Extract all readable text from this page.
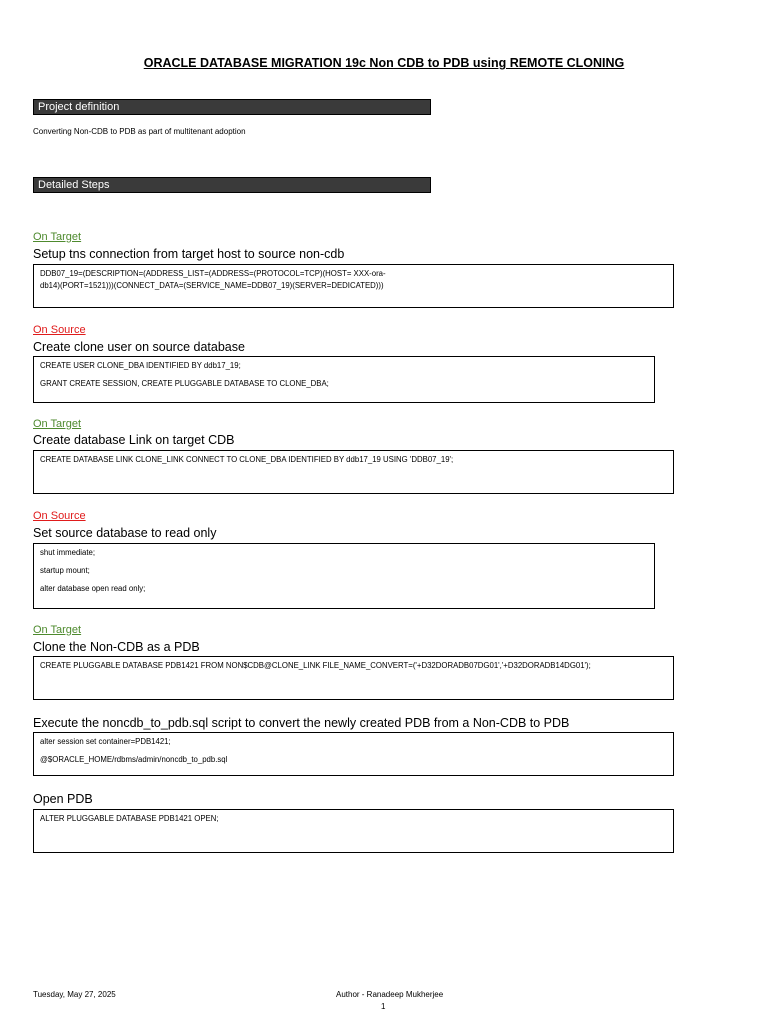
ORACLE DATABASE MIGRATION 19c Non CDB to PDB using REMOTE CLONING
Project definition
Converting Non-CDB to PDB as part of multitenant adoption
Detailed Steps
On Target
Setup tns connection from target host to source non-cdb
DDB07_19=(DESCRIPTION=(ADDRESS_LIST=(ADDRESS=(PROTOCOL=TCP)(HOST= XXX-ora-
db14)(PORT=1521)))(CONNECT_DATA=(SERVICE_NAME=DDB07_19)(SERVER=DEDICATED)))
On Source
Create clone user on source database
CREATE USER CLONE_DBA IDENTIFIED BY ddb17_19;
GRANT CREATE SESSION, CREATE PLUGGABLE DATABASE TO CLONE_DBA;
On Target
Create database Link on target CDB
CREATE DATABASE LINK CLONE_LINK CONNECT TO CLONE_DBA IDENTIFIED BY ddb17_19 USING 'DDB07_19';
On Source
Set source database to read only
shut immediate;
startup mount;
alter database open read only;
On Target
Clone the Non-CDB as a PDB
CREATE PLUGGABLE DATABASE PDB1421 FROM NON$CDB@CLONE_LINK FILE_NAME_CONVERT=('+D32DORADB07DG01','+D32DORADB14DG01');
Execute the noncdb_to_pdb.sql script to convert the newly created PDB from a Non-CDB to PDB
alter session set container=PDB1421;
@$ORACLE_HOME/rdbms/admin/noncdb_to_pdb.sql
Open PDB
ALTER PLUGGABLE DATABASE PDB1421 OPEN;
Tuesday, May 27, 2025	Author - Ranadeep Mukherjee
1
